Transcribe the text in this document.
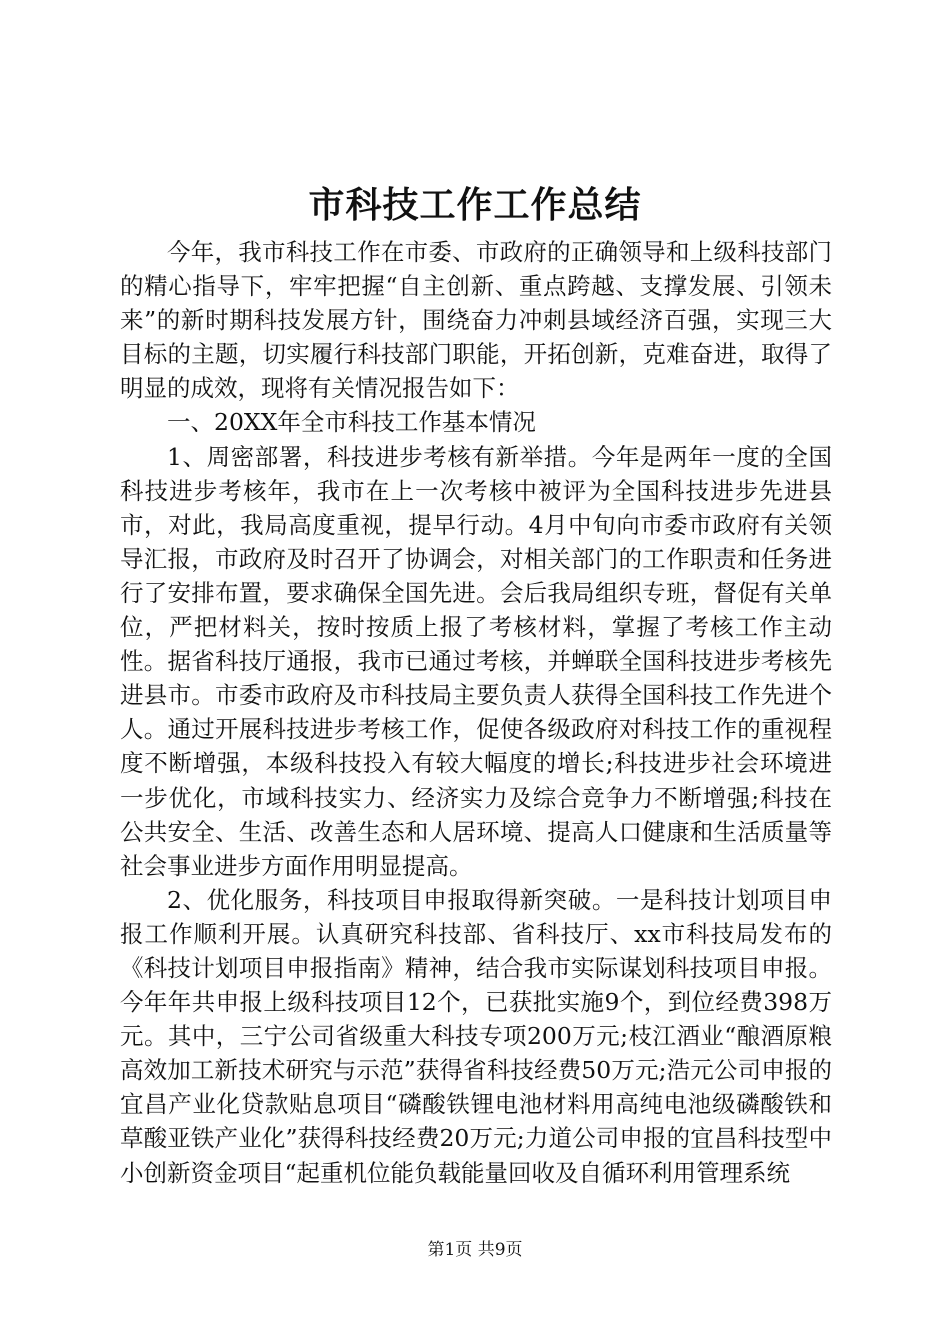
市科技工作工作总结

今年，我市科技工作在市委、市政府的正确领导和上级科技部门的精心指导下，牢牢把握“自主创新、重点跨越、支撑发展、引领未来”的新时期科技发展方针，围绕奋力冲刺县域经济百强，实现三大目标的主题，切实履行科技部门职能，开拓创新，克难奋进，取得了明显的成效，现将有关情况报告如下：

一、20XX年全市科技工作基本情况

1、周密部署，科技进步考核有新举措。今年是两年一度的全国科技进步考核年，我市在上一次考核中被评为全国科技进步先进县市，对此，我局高度重视，提早行动。4月中旬向市委市政府有关领导汇报，市政府及时召开了协调会，对相关部门的工作职责和任务进行了安排布置，要求确保全国先进。会后我局组织专班，督促有关单位，严把材料关，按时按质上报了考核材料，掌握了考核工作主动性。据省科技厅通报，我市已通过考核，并蝉联全国科技进步考核先进县市。市委市政府及市科技局主要负责人获得全国科技工作先进个人。通过开展科技进步考核工作，促使各级政府对科技工作的重视程度不断增强，本级科技投入有较大幅度的增长;科技进步社会环境进一步优化，市域科技实力、经济实力及综合竞争力不断增强;科技在公共安全、生活、改善生态和人居环境、提高人口健康和生活质量等社会事业进步方面作用明显提高。

2、优化服务，科技项目申报取得新突破。一是科技计划项目申报工作顺利开展。认真研究科技部、省科技厅、xx市科技局发布的《科技计划项目申报指南》精神，结合我市实际谋划科技项目申报。今年年共申报上级科技项目12个，已获批实施9个，到位经费398万元。其中，三宁公司省级重大科技专项200万元;枝江酒业“酿酒原粮高效加工新技术研究与示范”获得省科技经费50万元;浩元公司申报的宜昌产业化贷款贴息项目“磷酸铁锂电池材料用高纯电池级磷酸铁和草酸亚铁产业化”获得科技经费20万元;力道公司申报的宜昌科技型中小创新资金项目“起重机位能负载能量回收及自循环利用管理系统

第1页 共9页
